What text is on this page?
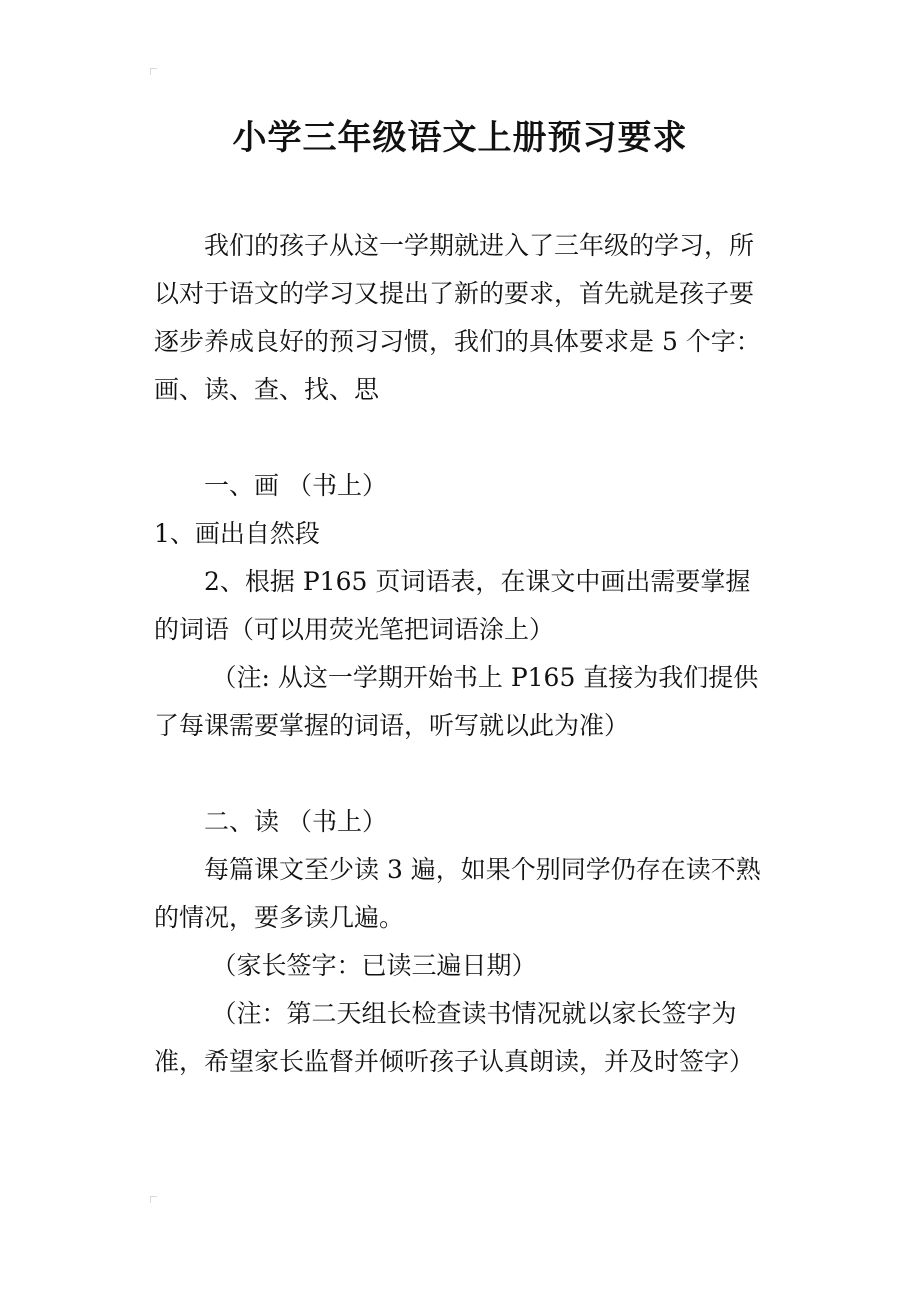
小学三年级语文上册预习要求

我们的孩子从这一学期就进入了三年级的学习，所以对于语文的学习又提出了新的要求，首先就是孩子要逐步养成良好的预习习惯，我们的具体要求是 5 个字：画、读、查、找、思

一、画 （书上）

1、画出自然段

2、根据 P165 页词语表，在课文中画出需要掌握的词语（可以用荧光笔把词语涂上）

（注: 从这一学期开始书上 P165 直接为我们提供了每课需要掌握的词语，听写就以此为准）

二、读 （书上）

每篇课文至少读 3 遍，如果个别同学仍存在读不熟的情况，要多读几遍。

（家长签字：已读三遍日期）

（注：第二天组长检查读书情况就以家长签字为准，希望家长监督并倾听孩子认真朗读，并及时签字）
